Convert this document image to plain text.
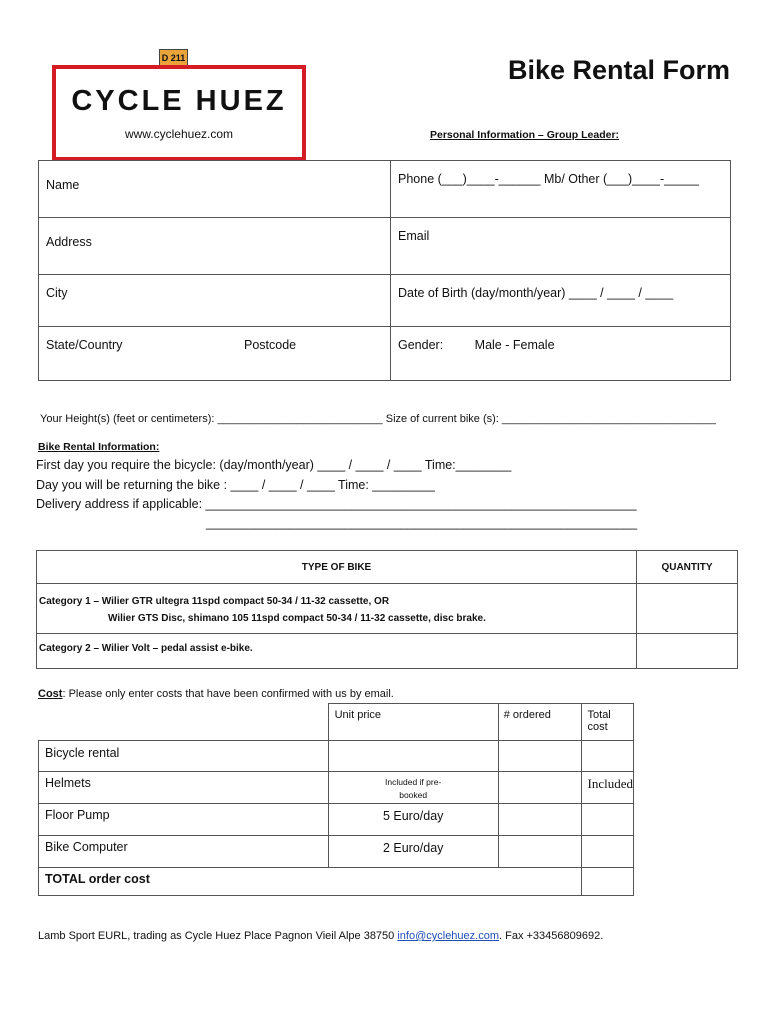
D 211
CYCLE HUEZ
www.cyclehuez.com
Bike Rental Form
Personal Information – Group Leader:
Name	Phone (___)____-______ Mb/ Other (___)____-_____
Address	Email
City	Date of Birth (day/month/year) ____ / ____ / ____
State/Country Postcode	Gender: Male - Female
Your Height(s) (feet or centimeters): ___________________________ Size of current bike (s): ___________________________________
Bike Rental Information:
First day you require the bicycle: (day/month/year) ____ / ____ / ____ Time:________
Day you will be returning the bike : ____ / ____ / ____ Time: _________
Delivery address if applicable: ______________________________________________________________
______________________________________________________________
TYPE OF BIKE	QUANTITY

Category 1 – Wilier GTR ultegra 11spd compact 50-34 / 11-32 cassette, OR
Wilier GTS Disc, shimano 105 11spd compact 50-34 / 11-32 cassette, disc brake.	

Category 2 – Wilier Volt – pedal assist e-bike.	
Cost: Please only enter costs that have been confirmed with us by email.
	Unit price	# ordered	Total cost
Bicycle rental			
Helmets	Included if pre-booked		Included
Floor Pump	5 Euro/day		
Bike Computer	2 Euro/day		
TOTAL order cost			
Lamb Sport EURL, trading as Cycle Huez Place Pagnon Vieil Alpe 38750 info@cyclehuez.com. Fax +33456809692.
